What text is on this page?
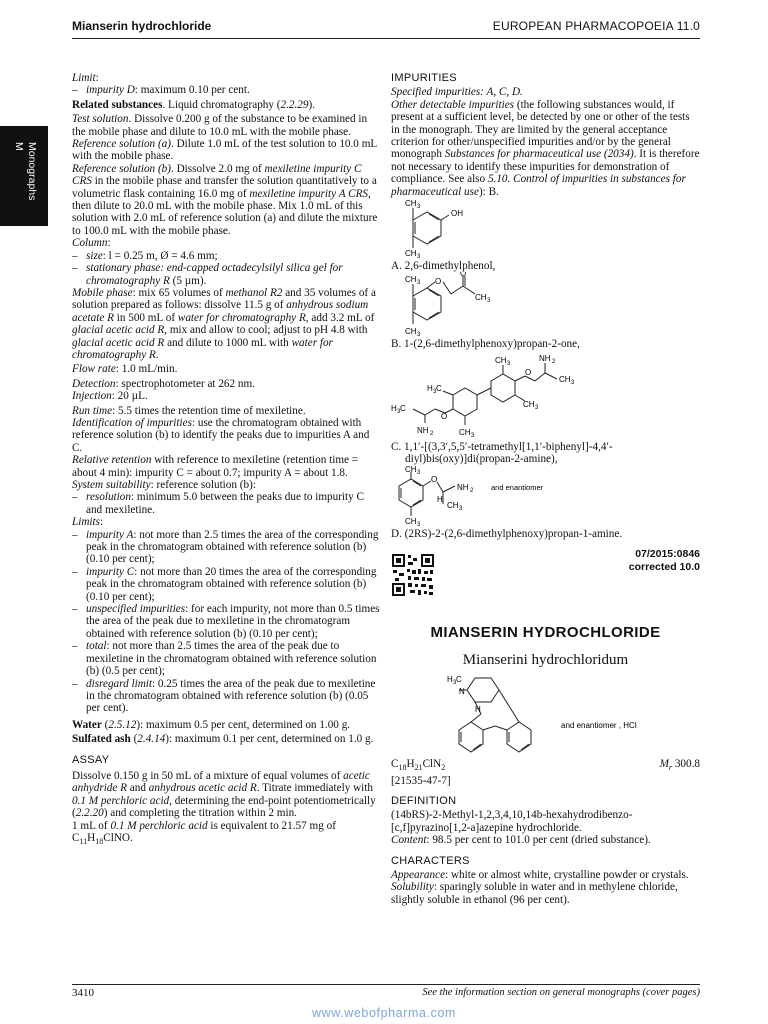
Mianserin hydrochloride	EUROPEAN PHARMACOPOEIA 11.0
Monographs
M

Limit:

– impurity D: maximum 0.10 per cent.

Related substances. Liquid chromatography (2.2.29).

Test solution. Dissolve 0.200 g of the substance to be examined in the mobile phase and dilute to 10.0 mL with the mobile phase.

Reference solution (a). Dilute 1.0 mL of the test solution to 10.0 mL with the mobile phase.

Reference solution (b). Dissolve 2.0 mg of mexiletine impurity C CRS in the mobile phase and transfer the solution quantitatively to a volumetric flask containing 16.0 mg of mexiletine impurity A CRS, then dilute to 20.0 mL with the mobile phase. Mix 1.0 mL of this solution with 2.0 mL of reference solution (a) and dilute the mixture to 100.0 mL with the mobile phase.

Column:

– size: l = 0.25 m, Ø = 4.6 mm;
– stationary phase: end-capped octadecylsilyl silica gel for chromatography R (5 µm).

Mobile phase: mix 65 volumes of methanol R2 and 35 volumes of a solution prepared as follows: dissolve 11.5 g of anhydrous sodium acetate R in 500 mL of water for chromatography R, add 3.2 mL of glacial acetic acid R, mix and allow to cool; adjust to pH 4.8 with glacial acetic acid R and dilute to 1000 mL with water for chromatography R.

Flow rate: 1.0 mL/min.

Detection: spectrophotometer at 262 nm.

Injection: 20 µL.

Run time: 5.5 times the retention time of mexiletine.

Identification of impurities: use the chromatogram obtained with reference solution (b) to identify the peaks due to impurities A and C.

Relative retention with reference to mexiletine (retention time = about 4 min): impurity C = about 0.7; impurity A = about 1.8.

System suitability: reference solution (b):

– resolution: minimum 5.0 between the peaks due to impurity C and mexiletine.

Limits:

– impurity A: not more than 2.5 times the area of the corresponding peak in the chromatogram obtained with reference solution (b) (0.10 per cent);
– impurity C: not more than 20 times the area of the corresponding peak in the chromatogram obtained with reference solution (b) (0.10 per cent);
– unspecified impurities: for each impurity, not more than 0.5 times the area of the peak due to mexiletine in the chromatogram obtained with reference solution (b) (0.10 per cent);
– total: not more than 2.5 times the area of the peak due to mexiletine in the chromatogram obtained with reference solution (b) (0.5 per cent);
– disregard limit: 0.25 times the area of the peak due to mexiletine in the chromatogram obtained with reference solution (b) (0.05 per cent).

Water (2.5.12): maximum 0.5 per cent, determined on 1.00 g.

Sulfated ash (2.4.14): maximum 0.1 per cent, determined on 1.0 g.

ASSAY

Dissolve 0.150 g in 50 mL of a mixture of equal volumes of acetic anhydride R and anhydrous acetic acid R. Titrate immediately with 0.1 M perchloric acid, determining the end-point potentiometrically (2.2.20) and completing the titration within 2 min.

1 mL of 0.1 M perchloric acid is equivalent to 21.57 mg of $C_{11}H_{18}ClNO$.

IMPURITIES

Specified impurities: A, C, D.

Other detectable impurities (the following substances would, if present at a sufficient level, be detected by one or other of the tests in the monograph. They are limited by the general acceptance criterion for other/unspecified impurities and/or by the general monograph Substances for pharmaceutical use (2034). It is therefore not necessary to identify these impurities for demonstration of compliance. See also 5.10. Control of impurities in substances for pharmaceutical use): B.

CH 3
OH
CH 3

A. 2,6-dimethylphenol,

CH 3 O
O
CH 3
CH 3

B. 1-(2,6-dimethylphenoxy)propan-2-one,

CH 3
O
NH 2
CH 3
CH 3
H 3 C
O
H 3 C
NH 2	CH 3

C. 1,1′-[(3,3′,5,5′-tetramethyl[1,1′-biphenyl]-4,4′-diyl)bis(oxy)]di(propan-2-amine),

CH 3
O
NH 2 and enantiomer
H
CH 3
CH 3

D. (2RS)-2-(2,6-dimethylphenoxy)propan-1-amine.

07/2015:0846

corrected 10.0

MIANSERIN HYDROCHLORIDE

Mianserini hydrochloridum

H 3 C
N
H
and enantiomer , HCl
$C_{18}H_{21}ClN_2$	$M_r$ 300.8

[21535-47-7]

DEFINITION

(14bRS)-2-Methyl-1,2,3,4,10,14b-hexahydrodibenzo-[c,f]pyrazino[1,2-a]azepine hydrochloride.

Content: 98.5 per cent to 101.0 per cent (dried substance).

CHARACTERS

Appearance: white or almost white, crystalline powder or crystals.

Solubility: sparingly soluble in water and in methylene chloride, slightly soluble in ethanol (96 per cent).

3410	See the information section on general monographs (cover pages)
www.webofpharma.com
